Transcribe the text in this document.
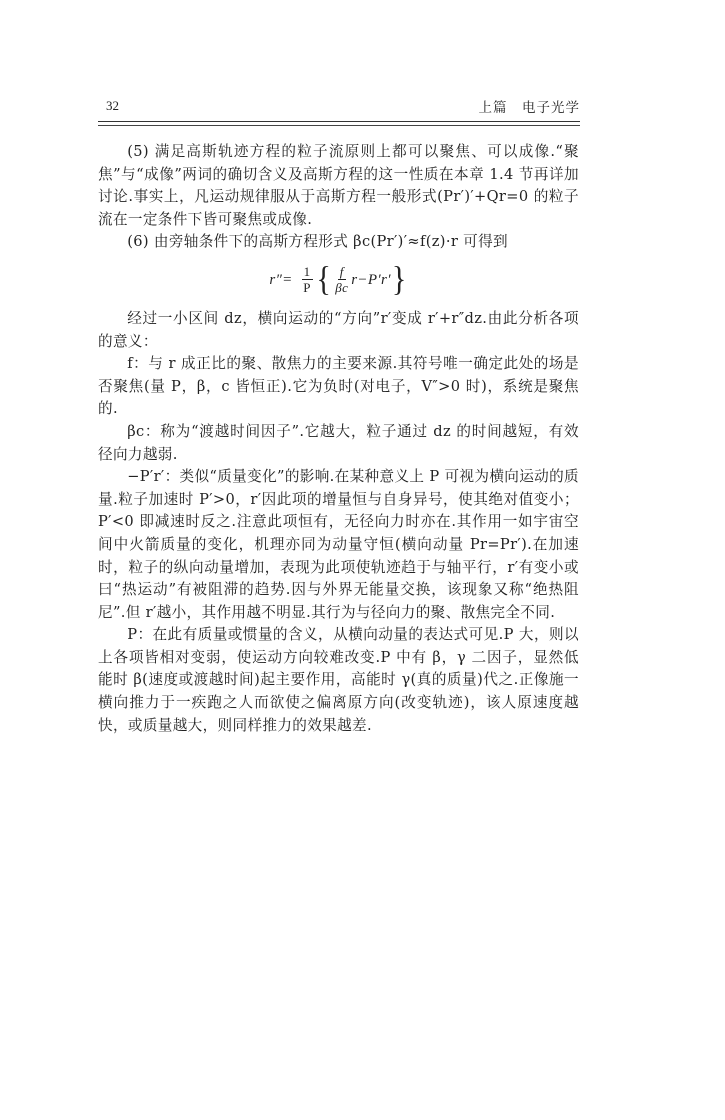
32	上篇　电子光学

(5) 满足高斯轨迹方程的粒子流原则上都可以聚焦、可以成像.“聚焦”与“成像”两词的确切含义及高斯方程的这一性质在本章 1.4 节再详加讨论.事实上，凡运动规律服从于高斯方程一般形式(Pr′)′+Qr=0 的粒子流在一定条件下皆可聚焦或成像.

(6) 由旁轴条件下的高斯方程形式 βc(Pr′)′≈f(z)·r 可得到

$r''= \frac{1}{P}$ { $\frac{f}{\beta c} r-P'r'$ }

经过一小区间 dz，横向运动的“方向”r′变成 r′+r″dz.由此分析各项的意义：

f：与 r 成正比的聚、散焦力的主要来源.其符号唯一确定此处的场是否聚焦(量 P，β，c 皆恒正).它为负时(对电子，V″>0 时)，系统是聚焦的.

βc：称为“渡越时间因子”.它越大，粒子通过 dz 的时间越短，有效径向力越弱.

−P′r′：类似“质量变化”的影响.在某种意义上 P 可视为横向运动的质量.粒子加速时 P′>0，r′因此项的增量恒与自身异号，使其绝对值变小；P′<0 即减速时反之.注意此项恒有，无径向力时亦在.其作用一如宇宙空间中火箭质量的变化，机理亦同为动量守恒(横向动量 Pr=Pr′).在加速时，粒子的纵向动量增加，表现为此项使轨迹趋于与轴平行，r′有变小或曰“热运动”有被阻滞的趋势.因与外界无能量交换，该现象又称“绝热阻尼”.但 r′越小，其作用越不明显.其行为与径向力的聚、散焦完全不同.

P：在此有质量或惯量的含义，从横向动量的表达式可见.P 大，则以上各项皆相对变弱，使运动方向较难改变.P 中有 β，γ 二因子，显然低能时 β(速度或渡越时间)起主要作用，高能时 γ(真的质量)代之.正像施一横向推力于一疾跑之人而欲使之偏离原方向(改变轨迹)，该人原速度越快，或质量越大，则同样推力的效果越差.
